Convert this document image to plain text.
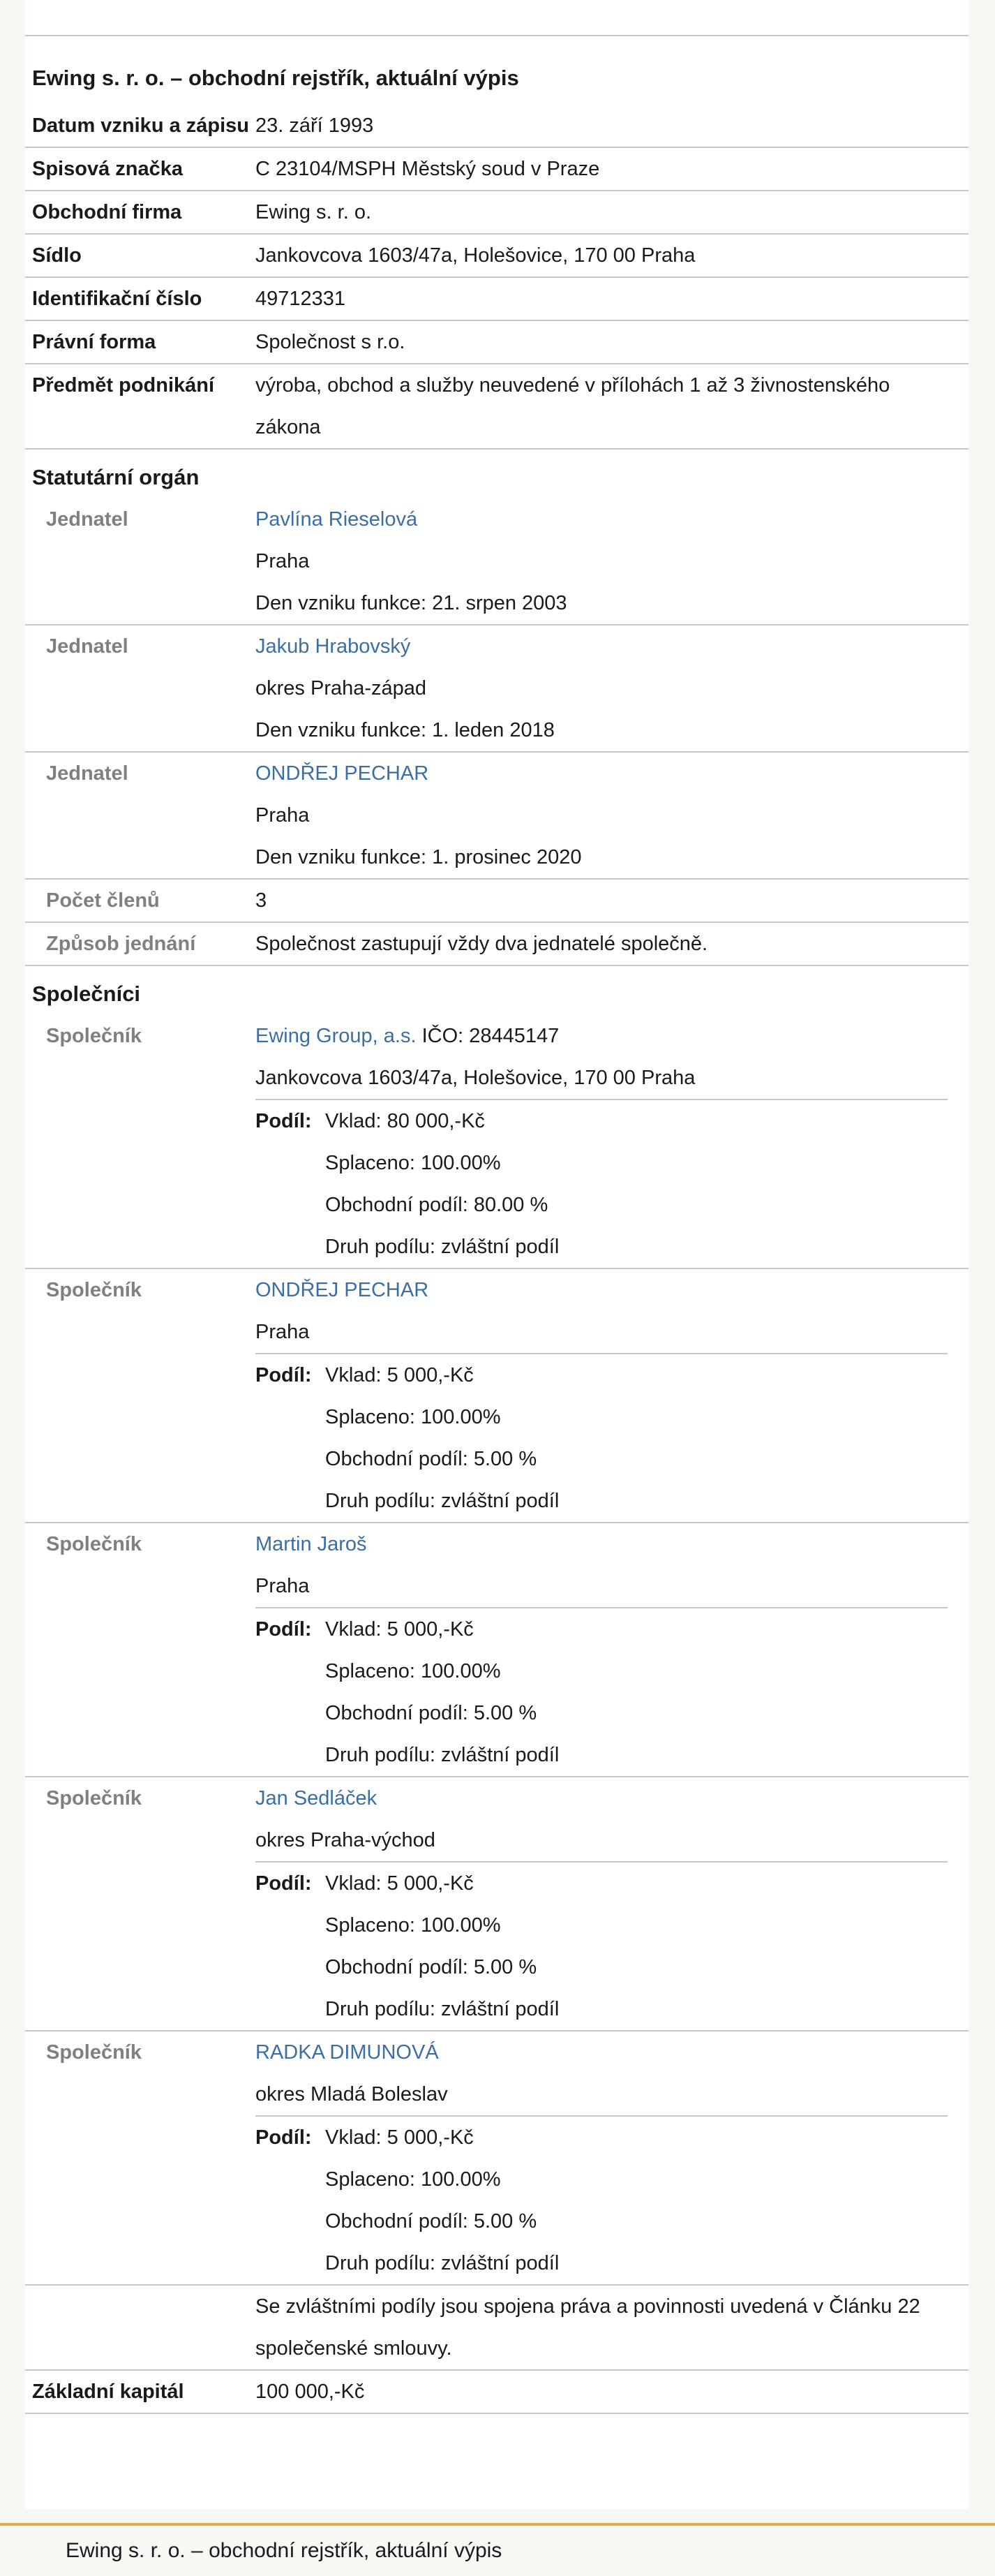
Ewing s. r. o. – obchodní rejstřík, aktuální výpis
Datum vzniku a zápisu 23. září 1993
Spisová značka	C 23104/MSPH Městský soud v Praze
Obchodní firma	Ewing s. r. o.
Sídlo	Jankovcova 1603/47a, Holešovice, 170 00 Praha
Identifikační číslo	49712331
Právní forma	Společnost s r.o.
Předmět podnikání	výroba, obchod a služby neuvedené v přílohách 1 až 3 živnostenského zákona
Statutární orgán
Jednatel	Pavlína Rieselová
Praha
Den vzniku funkce: 21. srpen 2003
Jednatel	Jakub Hrabovský
okres Praha-západ
Den vzniku funkce: 1. leden 2018
Jednatel	ONDŘEJ PECHAR
Praha
Den vzniku funkce: 1. prosinec 2020
Počet členů	3
Způsob jednání	Společnost zastupují vždy dva jednatelé společně.
Společníci
Společník	Ewing Group, a.s. IČO: 28445147
Jankovcova 1603/47a, Holešovice, 170 00 Praha
Podíl: Vklad: 80 000,-Kč
Splaceno: 100.00%
Obchodní podíl: 80.00 %
Druh podílu: zvláštní podíl
Společník	ONDŘEJ PECHAR
Praha
Podíl: Vklad: 5 000,-Kč
Splaceno: 100.00%
Obchodní podíl: 5.00 %
Druh podílu: zvláštní podíl
Společník	Martin Jaroš
Praha
Podíl: Vklad: 5 000,-Kč
Splaceno: 100.00%
Obchodní podíl: 5.00 %
Druh podílu: zvláštní podíl
Společník	Jan Sedláček
okres Praha-východ
Podíl: Vklad: 5 000,-Kč
Splaceno: 100.00%
Obchodní podíl: 5.00 %
Druh podílu: zvláštní podíl
Společník	RADKA DIMUNOVÁ
okres Mladá Boleslav
Podíl: Vklad: 5 000,-Kč
Splaceno: 100.00%
Obchodní podíl: 5.00 %
Druh podílu: zvláštní podíl
Se zvláštními podíly jsou spojena práva a povinnosti uvedená v Článku 22 společenské smlouvy.
Základní kapitál	100 000,-Kč
Ewing s. r. o. – obchodní rejstřík, aktuální výpis
